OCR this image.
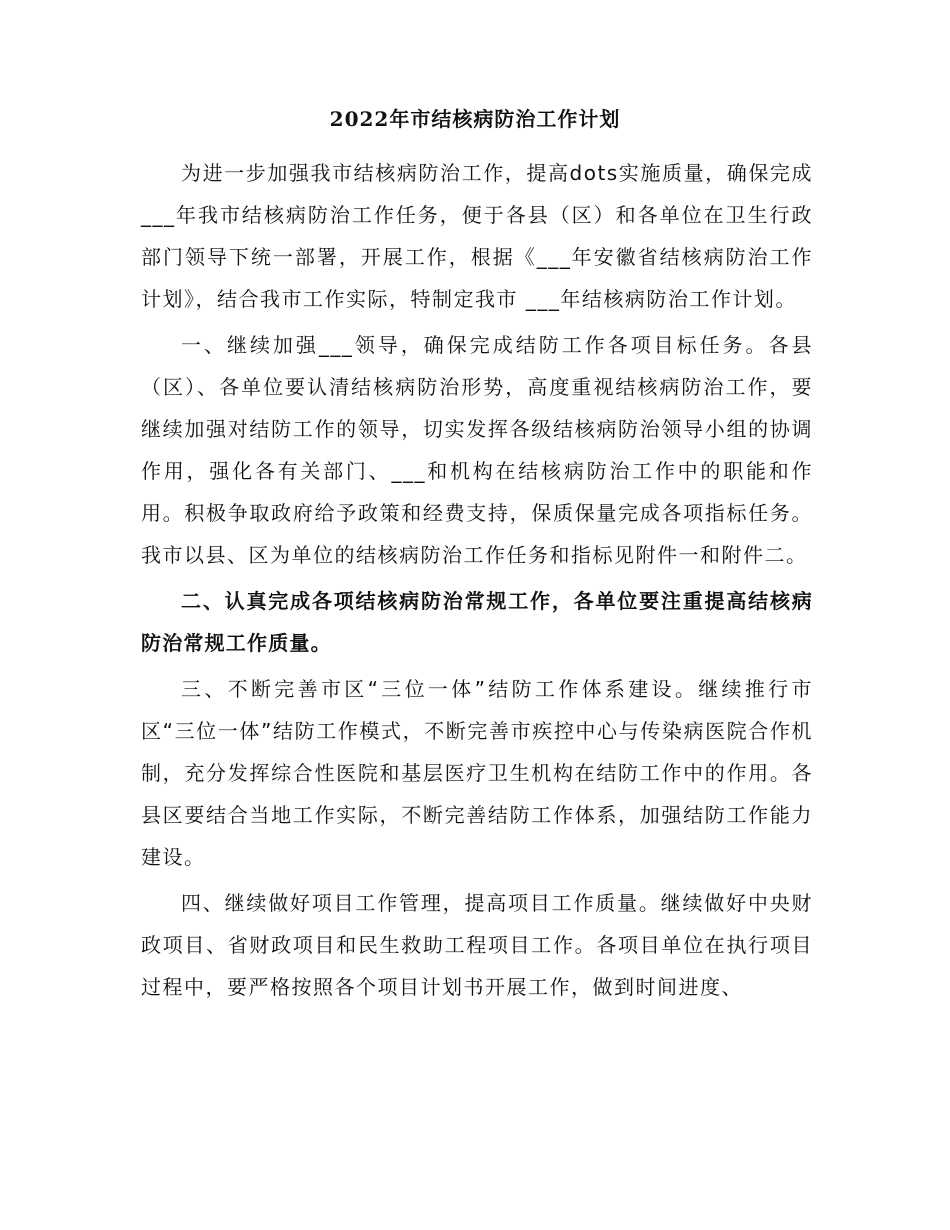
2022年市结核病防治工作计划

为进一步加强我市结核病防治工作，提高dots实施质量，确保完成___年我市结核病防治工作任务，便于各县（区）和各单位在卫生行政部门领导下统一部署，开展工作，根据《___年安徽省结核病防治工作计划》，结合我市工作实际，特制定我市 ___年结核病防治工作计划。

一、继续加强___领导，确保完成结防工作各项目标任务。各县（区）、各单位要认清结核病防治形势，高度重视结核病防治工作，要继续加强对结防工作的领导，切实发挥各级结核病防治领导小组的协调作用，强化各有关部门、___和机构在结核病防治工作中的职能和作用。积极争取政府给予政策和经费支持，保质保量完成各项指标任务。我市以县、区为单位的结核病防治工作任务和指标见附件一和附件二。

二、认真完成各项结核病防治常规工作，各单位要注重提高结核病防治常规工作质量。

三、不断完善市区“三位一体”结防工作体系建设。继续推行市区“三位一体”结防工作模式，不断完善市疾控中心与传染病医院合作机制，充分发挥综合性医院和基层医疗卫生机构在结防工作中的作用。各县区要结合当地工作实际，不断完善结防工作体系，加强结防工作能力建设。

四、继续做好项目工作管理，提高项目工作质量。继续做好中央财政项目、省财政项目和民生救助工程项目工作。各项目单位在执行项目过程中，要严格按照各个项目计划书开展工作，做到时间进度、
